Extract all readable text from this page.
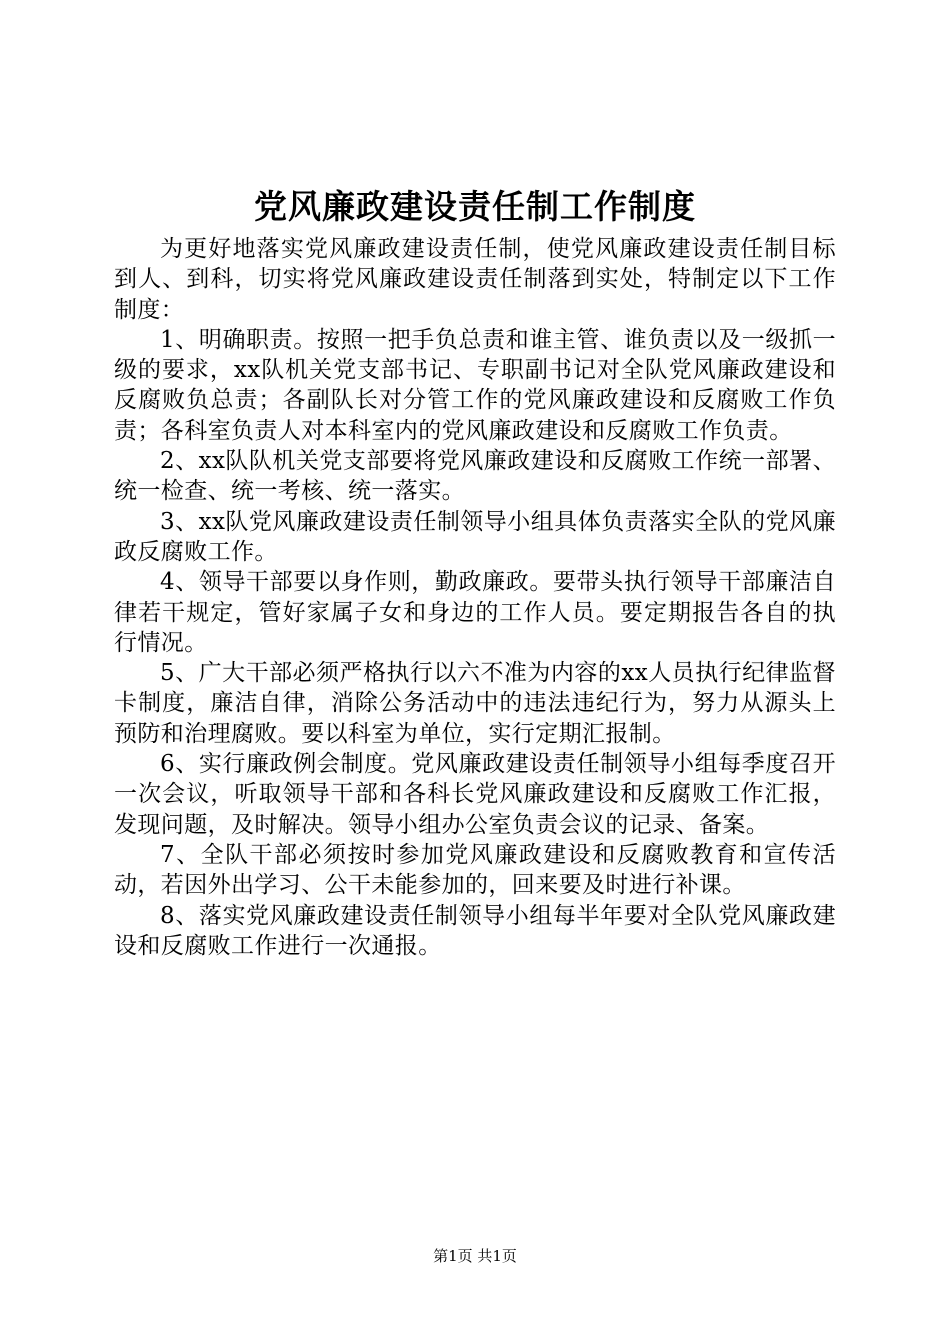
党风廉政建设责任制工作制度

为更好地落实党风廉政建设责任制，使党风廉政建设责任制目标到人、到科，切实将党风廉政建设责任制落到实处，特制定以下工作制度：

1、明确职责。按照一把手负总责和谁主管、谁负责以及一级抓一级的要求，xx队机关党支部书记、专职副书记对全队党风廉政建设和反腐败负总责；各副队长对分管工作的党风廉政建设和反腐败工作负责；各科室负责人对本科室内的党风廉政建设和反腐败工作负责。

2、xx队队机关党支部要将党风廉政建设和反腐败工作统一部署、统一检查、统一考核、统一落实。

3、xx队党风廉政建设责任制领导小组具体负责落实全队的党风廉政反腐败工作。

4、领导干部要以身作则，勤政廉政。要带头执行领导干部廉洁自律若干规定，管好家属子女和身边的工作人员。要定期报告各自的执行情况。

5、广大干部必须严格执行以六不准为内容的xx人员执行纪律监督卡制度，廉洁自律，消除公务活动中的违法违纪行为，努力从源头上预防和治理腐败。要以科室为单位，实行定期汇报制。

6、实行廉政例会制度。党风廉政建设责任制领导小组每季度召开一次会议，听取领导干部和各科长党风廉政建设和反腐败工作汇报，发现问题，及时解决。领导小组办公室负责会议的记录、备案。

7、全队干部必须按时参加党风廉政建设和反腐败教育和宣传活动，若因外出学习、公干未能参加的，回来要及时进行补课。

8、落实党风廉政建设责任制领导小组每半年要对全队党风廉政建设和反腐败工作进行一次通报。

第1页 共1页
